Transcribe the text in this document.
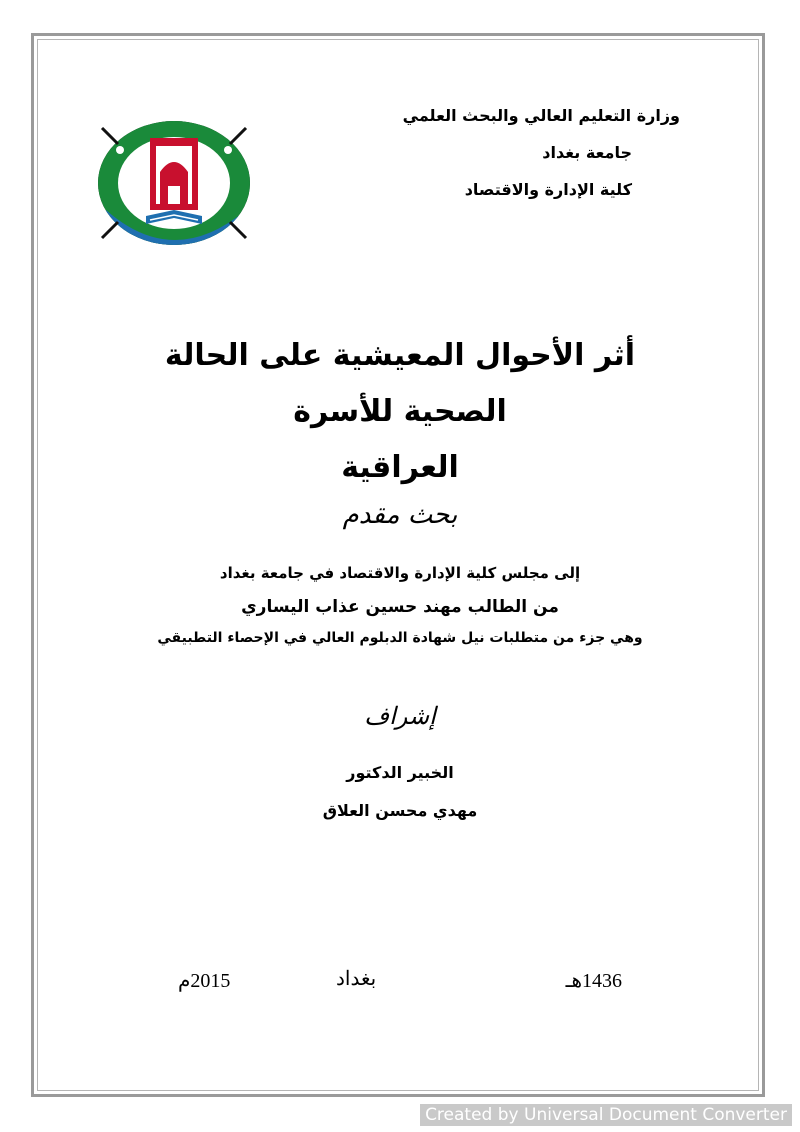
وزارة التعليم العالي والبحث العلمي
جامعة بغداد
كلية الإدارة والاقتصاد
أثر الأحوال المعيشية على الحالة الصحية للأسرة
العراقية
بحث مقدم
إلى مجلس كلية الإدارة والاقتصاد في جامعة بغداد
من الطالب مهند حسين عذاب اليساري
وهي جزء من متطلبات نيل شهادة الدبلوم العالي في الإحصاء التطبيقي
إشراف
الخبير الدكتور
مهدي محسن العلاق
1436هـ
بغداد
2015م
Created by Universal Document Converter
